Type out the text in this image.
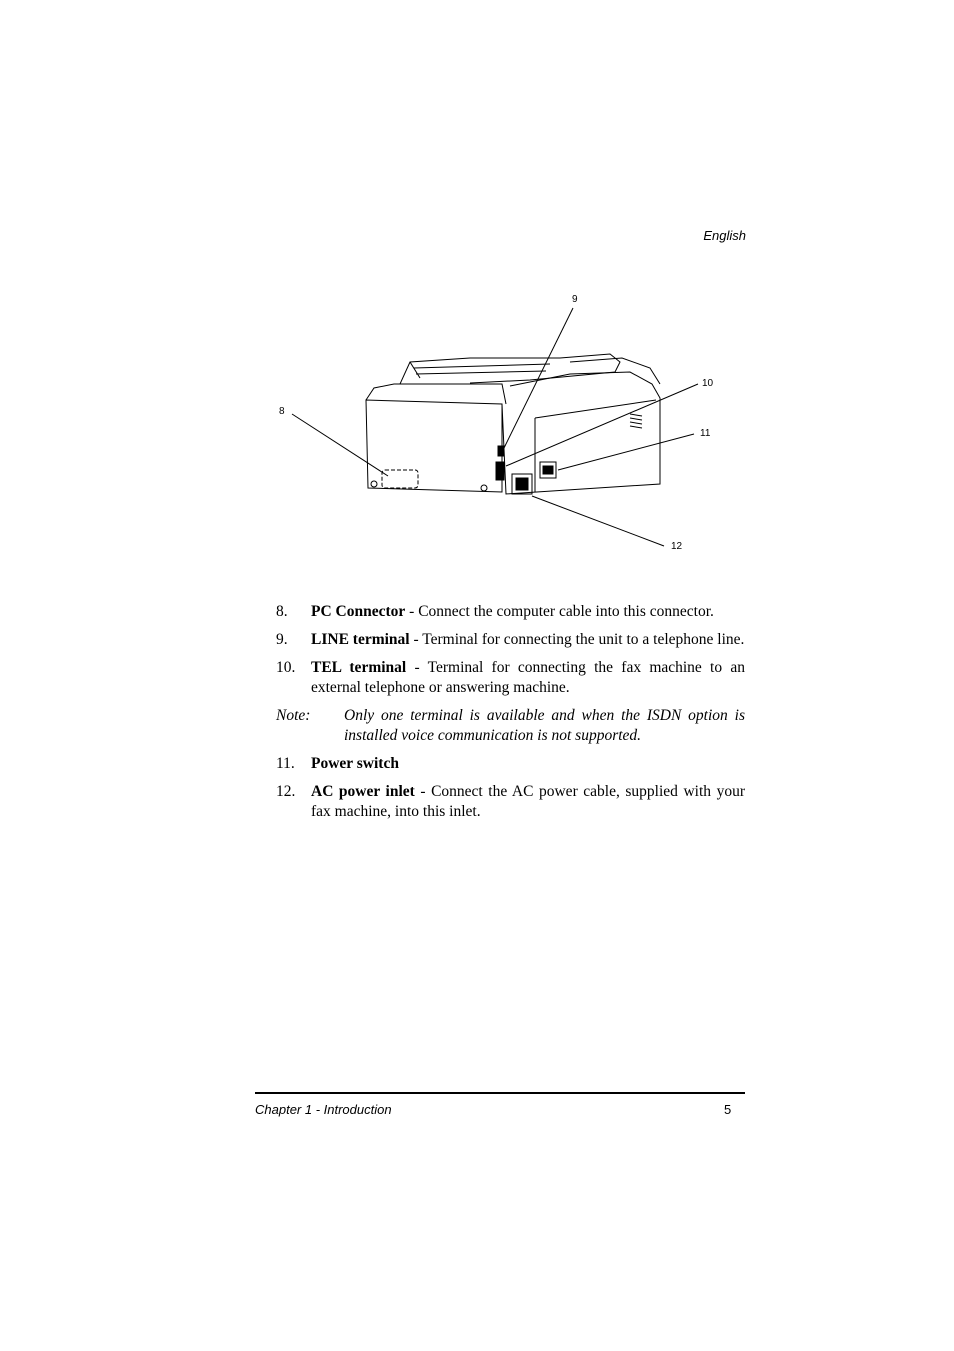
English
9
10
8
11
12
8.	PC Connector - Connect the computer cable into this connector.
9.	LINE terminal - Terminal for connecting the unit to a telephone line.
10.	TEL terminal - Terminal for connecting the fax machine to an external telephone or answering machine.
Note:	Only one terminal is available and when the ISDN option is installed voice communication is not supported.
11.	Power switch
12.	AC power inlet - Connect the AC power cable, supplied with your fax machine, into this inlet.
Chapter 1 - Introduction	5
